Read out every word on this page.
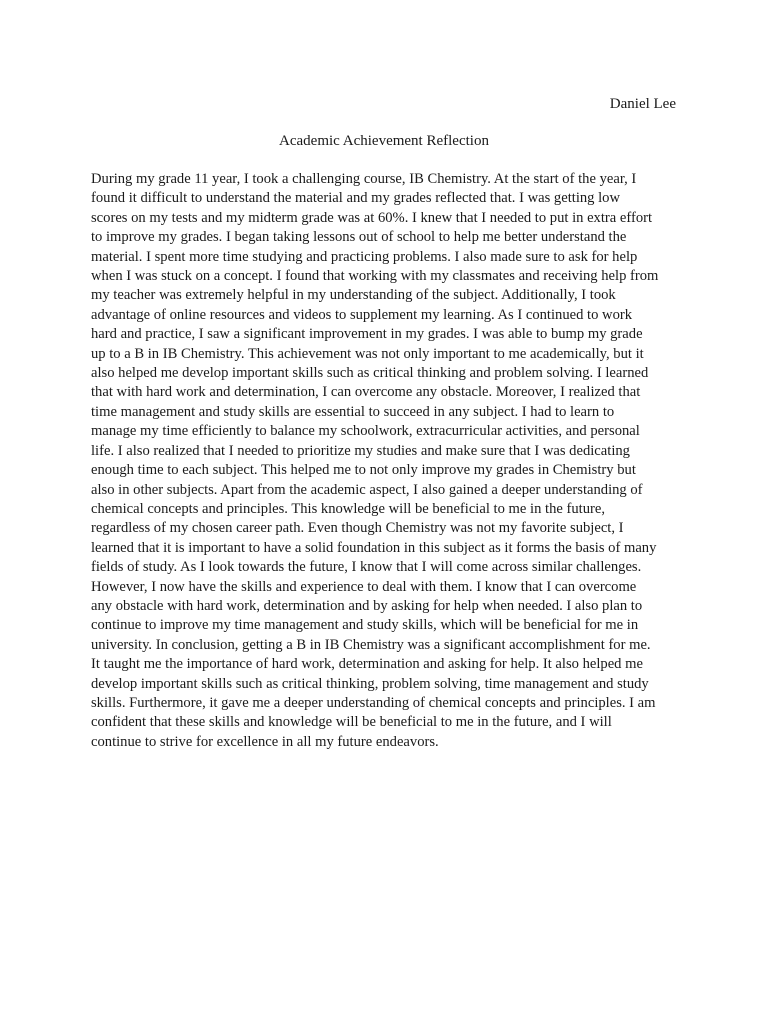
Daniel Lee
Academic Achievement Reflection
During my grade 11 year, I took a challenging course, IB Chemistry. At the start of the year, I
found it difficult to understand the material and my grades reflected that. I was getting low
scores on my tests and my midterm grade was at 60%. I knew that I needed to put in extra effort
to improve my grades. I began taking lessons out of school to help me better understand the
material. I spent more time studying and practicing problems. I also made sure to ask for help
when I was stuck on a concept. I found that working with my classmates and receiving help from
my teacher was extremely helpful in my understanding of the subject. Additionally, I took
advantage of online resources and videos to supplement my learning. As I continued to work
hard and practice, I saw a significant improvement in my grades. I was able to bump my grade
up to a B in IB Chemistry. This achievement was not only important to me academically, but it
also helped me develop important skills such as critical thinking and problem solving. I learned
that with hard work and determination, I can overcome any obstacle. Moreover, I realized that
time management and study skills are essential to succeed in any subject. I had to learn to
manage my time efficiently to balance my schoolwork, extracurricular activities, and personal
life. I also realized that I needed to prioritize my studies and make sure that I was dedicating
enough time to each subject. This helped me to not only improve my grades in Chemistry but
also in other subjects. Apart from the academic aspect, I also gained a deeper understanding of
chemical concepts and principles. This knowledge will be beneficial to me in the future,
regardless of my chosen career path. Even though Chemistry was not my favorite subject, I
learned that it is important to have a solid foundation in this subject as it forms the basis of many
fields of study. As I look towards the future, I know that I will come across similar challenges.
However, I now have the skills and experience to deal with them. I know that I can overcome
any obstacle with hard work, determination and by asking for help when needed. I also plan to
continue to improve my time management and study skills, which will be beneficial for me in
university. In conclusion, getting a B in IB Chemistry was a significant accomplishment for me.
It taught me the importance of hard work, determination and asking for help. It also helped me
develop important skills such as critical thinking, problem solving, time management and study
skills. Furthermore, it gave me a deeper understanding of chemical concepts and principles. I am
confident that these skills and knowledge will be beneficial to me in the future, and I will
continue to strive for excellence in all my future endeavors.
